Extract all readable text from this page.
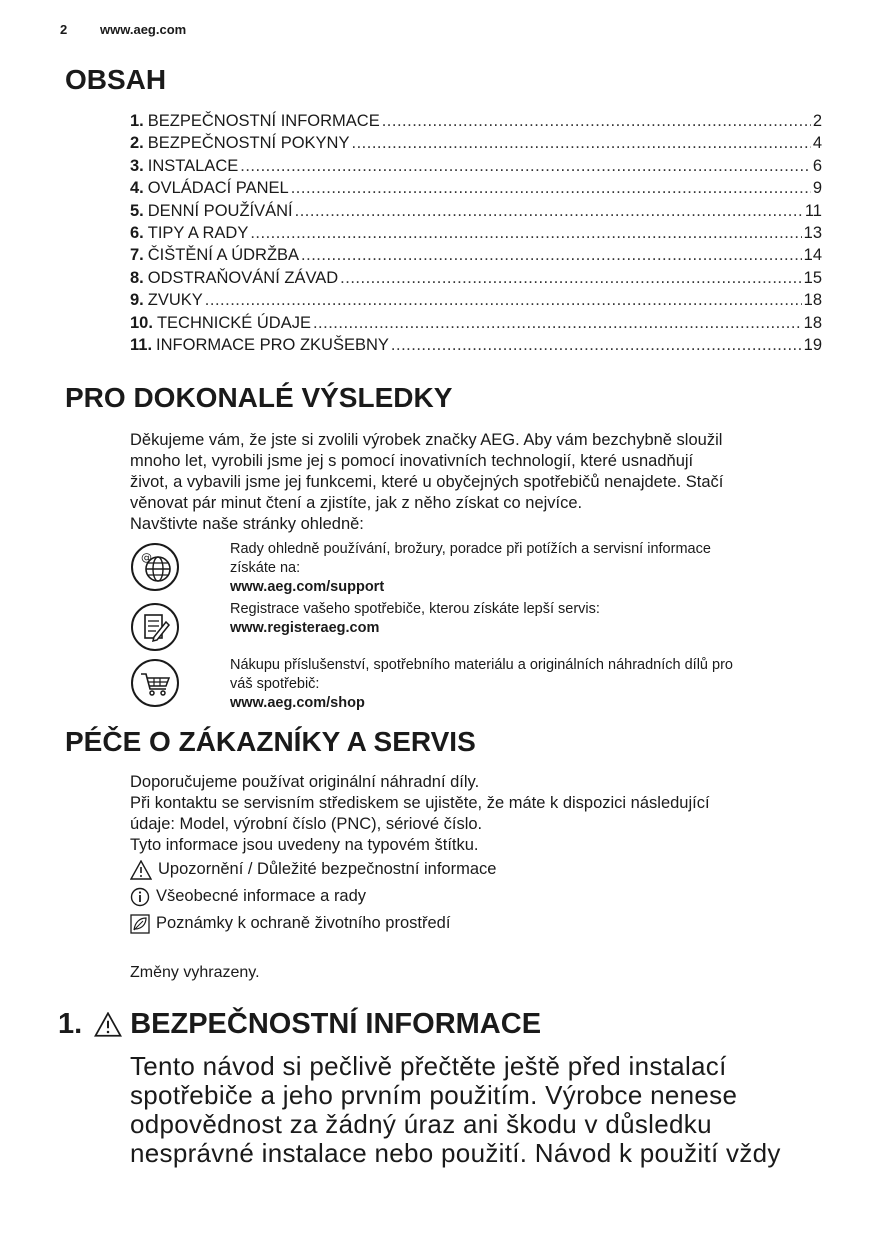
2	www.aeg.com
OBSAH
1. BEZPEČNOSTNÍ INFORMACE .....	2
2. BEZPEČNOSTNÍ POKYNY .....	4
3. INSTALACE .....	6
4. OVLÁDACÍ PANEL .....	9
5. DENNÍ POUŽÍVÁNÍ .....	11
6. TIPY A RADY .....	13
7. ČIŠTĚNÍ A ÚDRŽBA .....	14
8. ODSTRAŇOVÁNÍ ZÁVAD .....	15
9. ZVUKY .....	18
10. TECHNICKÉ ÚDAJE .....	18
11. INFORMACE PRO ZKUŠEBNY .....	19
PRO DOKONALÉ VÝSLEDKY

Děkujeme vám, že jste si zvolili výrobek značky AEG. Aby vám bezchybně sloužil

mnoho let, vyrobili jsme jej s pomocí inovativních technologií, které usnadňují

život, a vybavili jsme jej funkcemi, které u obyčejných spotřebičů nenajdete. Stačí

věnovat pár minut čtení a zjistíte, jak z něho získat co nejvíce.

Navštivte naše stránky ohledně:

@
Rady ohledně používání, brožury, poradce při potížích a servisní informace
získáte na:
www.aeg.com/support
Registrace vašeho spotřebiče, kterou získáte lepší servis:
www.registeraeg.com
Nákupu příslušenství, spotřebního materiálu a originálních náhradních dílů pro
váš spotřebič:
www.aeg.com/shop
PÉČE O ZÁKAZNÍKY A SERVIS

Doporučujeme používat originální náhradní díly.

Při kontaktu se servisním střediskem se ujistěte, že máte k dispozici následující

údaje: Model, výrobní číslo (PNC), sériové číslo.

Tyto informace jsou uvedeny na typovém štítku.

Upozornění / Důležité bezpečnostní informace
Všeobecné informace a rady
Poznámky k ochraně životního prostředí
Změny vyhrazeny.
1. BEZPEČNOSTNÍ INFORMACE

Tento návod si pečlivě přečtěte ještě před instalací

spotřebiče a jeho prvním použitím. Výrobce nenese

odpovědnost za žádný úraz ani škodu v důsledku

nesprávné instalace nebo použití. Návod k použití vždy
